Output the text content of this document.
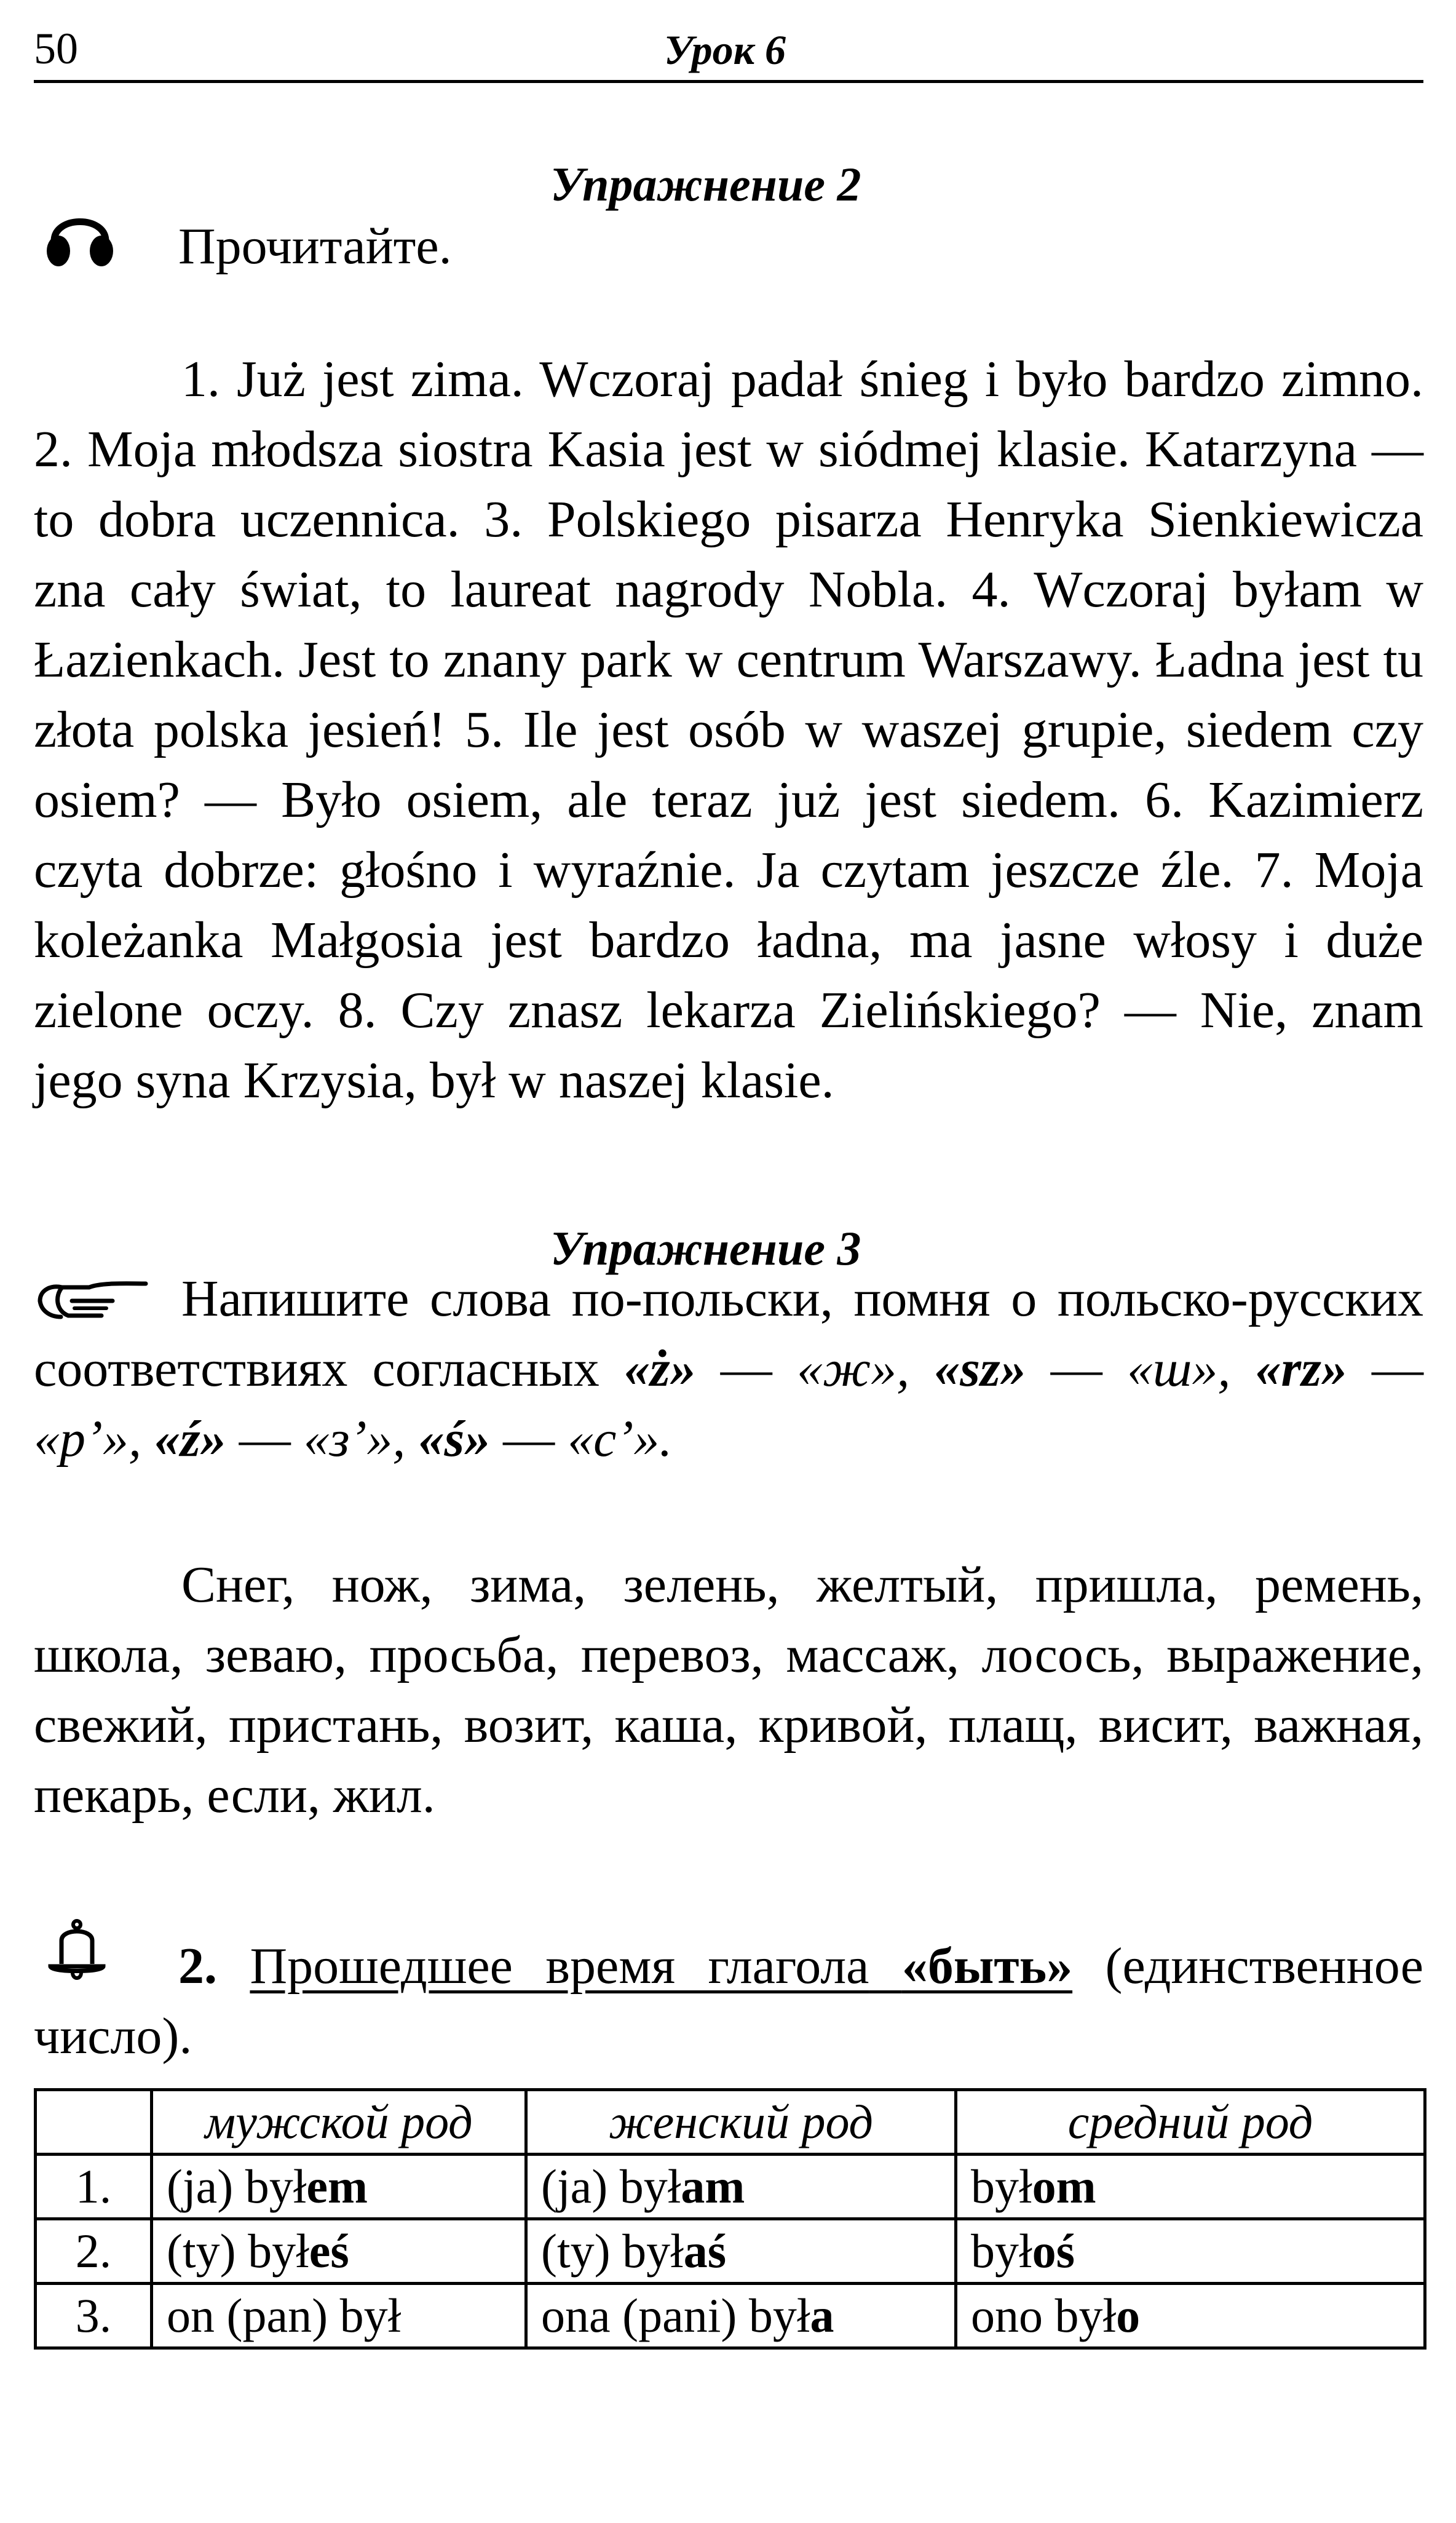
50	Урок 6
Упражнение 2
Прочитайте.

1. Już jest zima. Wczoraj padał śnieg i było bardzo zimno. 2. Moja młodsza siostra Kasia jest w siódmej klasie. Katarzyna — to dobra uczennica. 3. Polskiego pisarza Henryka Sienkiewicza zna cały świat, to laureat nagrody Nobla. 4. Wczoraj byłam w Łazienkach. Jest to znany park w centrum Warszawy. Ładna jest tu złota polska jesień! 5. Ile jest osób w waszej grupie, siedem czy osiem? — Było osiem, ale teraz już jest siedem. 6. Kazimierz czyta dobrze: głośno i wyraźnie. Ja czytam jeszcze źle. 7. Moja koleżanka Małgosia jest bardzo ładna, ma jasne włosy i duże zielone oczy. 8. Czy znasz lekarza Zielińskiego? — Nie, znam jego syna Krzysia, był w naszej klasie.

Упражнение 3

Напишите слова по-польски, помня о польско-русских соответствиях согласных «ż» — «ж», «sz» — «ш», «rz» — «р’», «ź» — «з’», «ś» — «с’».

Снег, нож, зима, зелень, желтый, пришла, ремень, школа, зеваю, просьба, перевоз, массаж, лосось, выражение, свежий, пристань, возит, каша, кривой, плащ, висит, важная, пекарь, если, жил.

2. Прошедшее время глагола «быть» (единственное число).

	мужской род	женский род	средний род
1.	(ja) byłem	(ja) byłam	byłom
2.	(ty) byłeś	(ty) byłaś	byłoś
3.	on (pan) był	ona (pani) była	ono było
